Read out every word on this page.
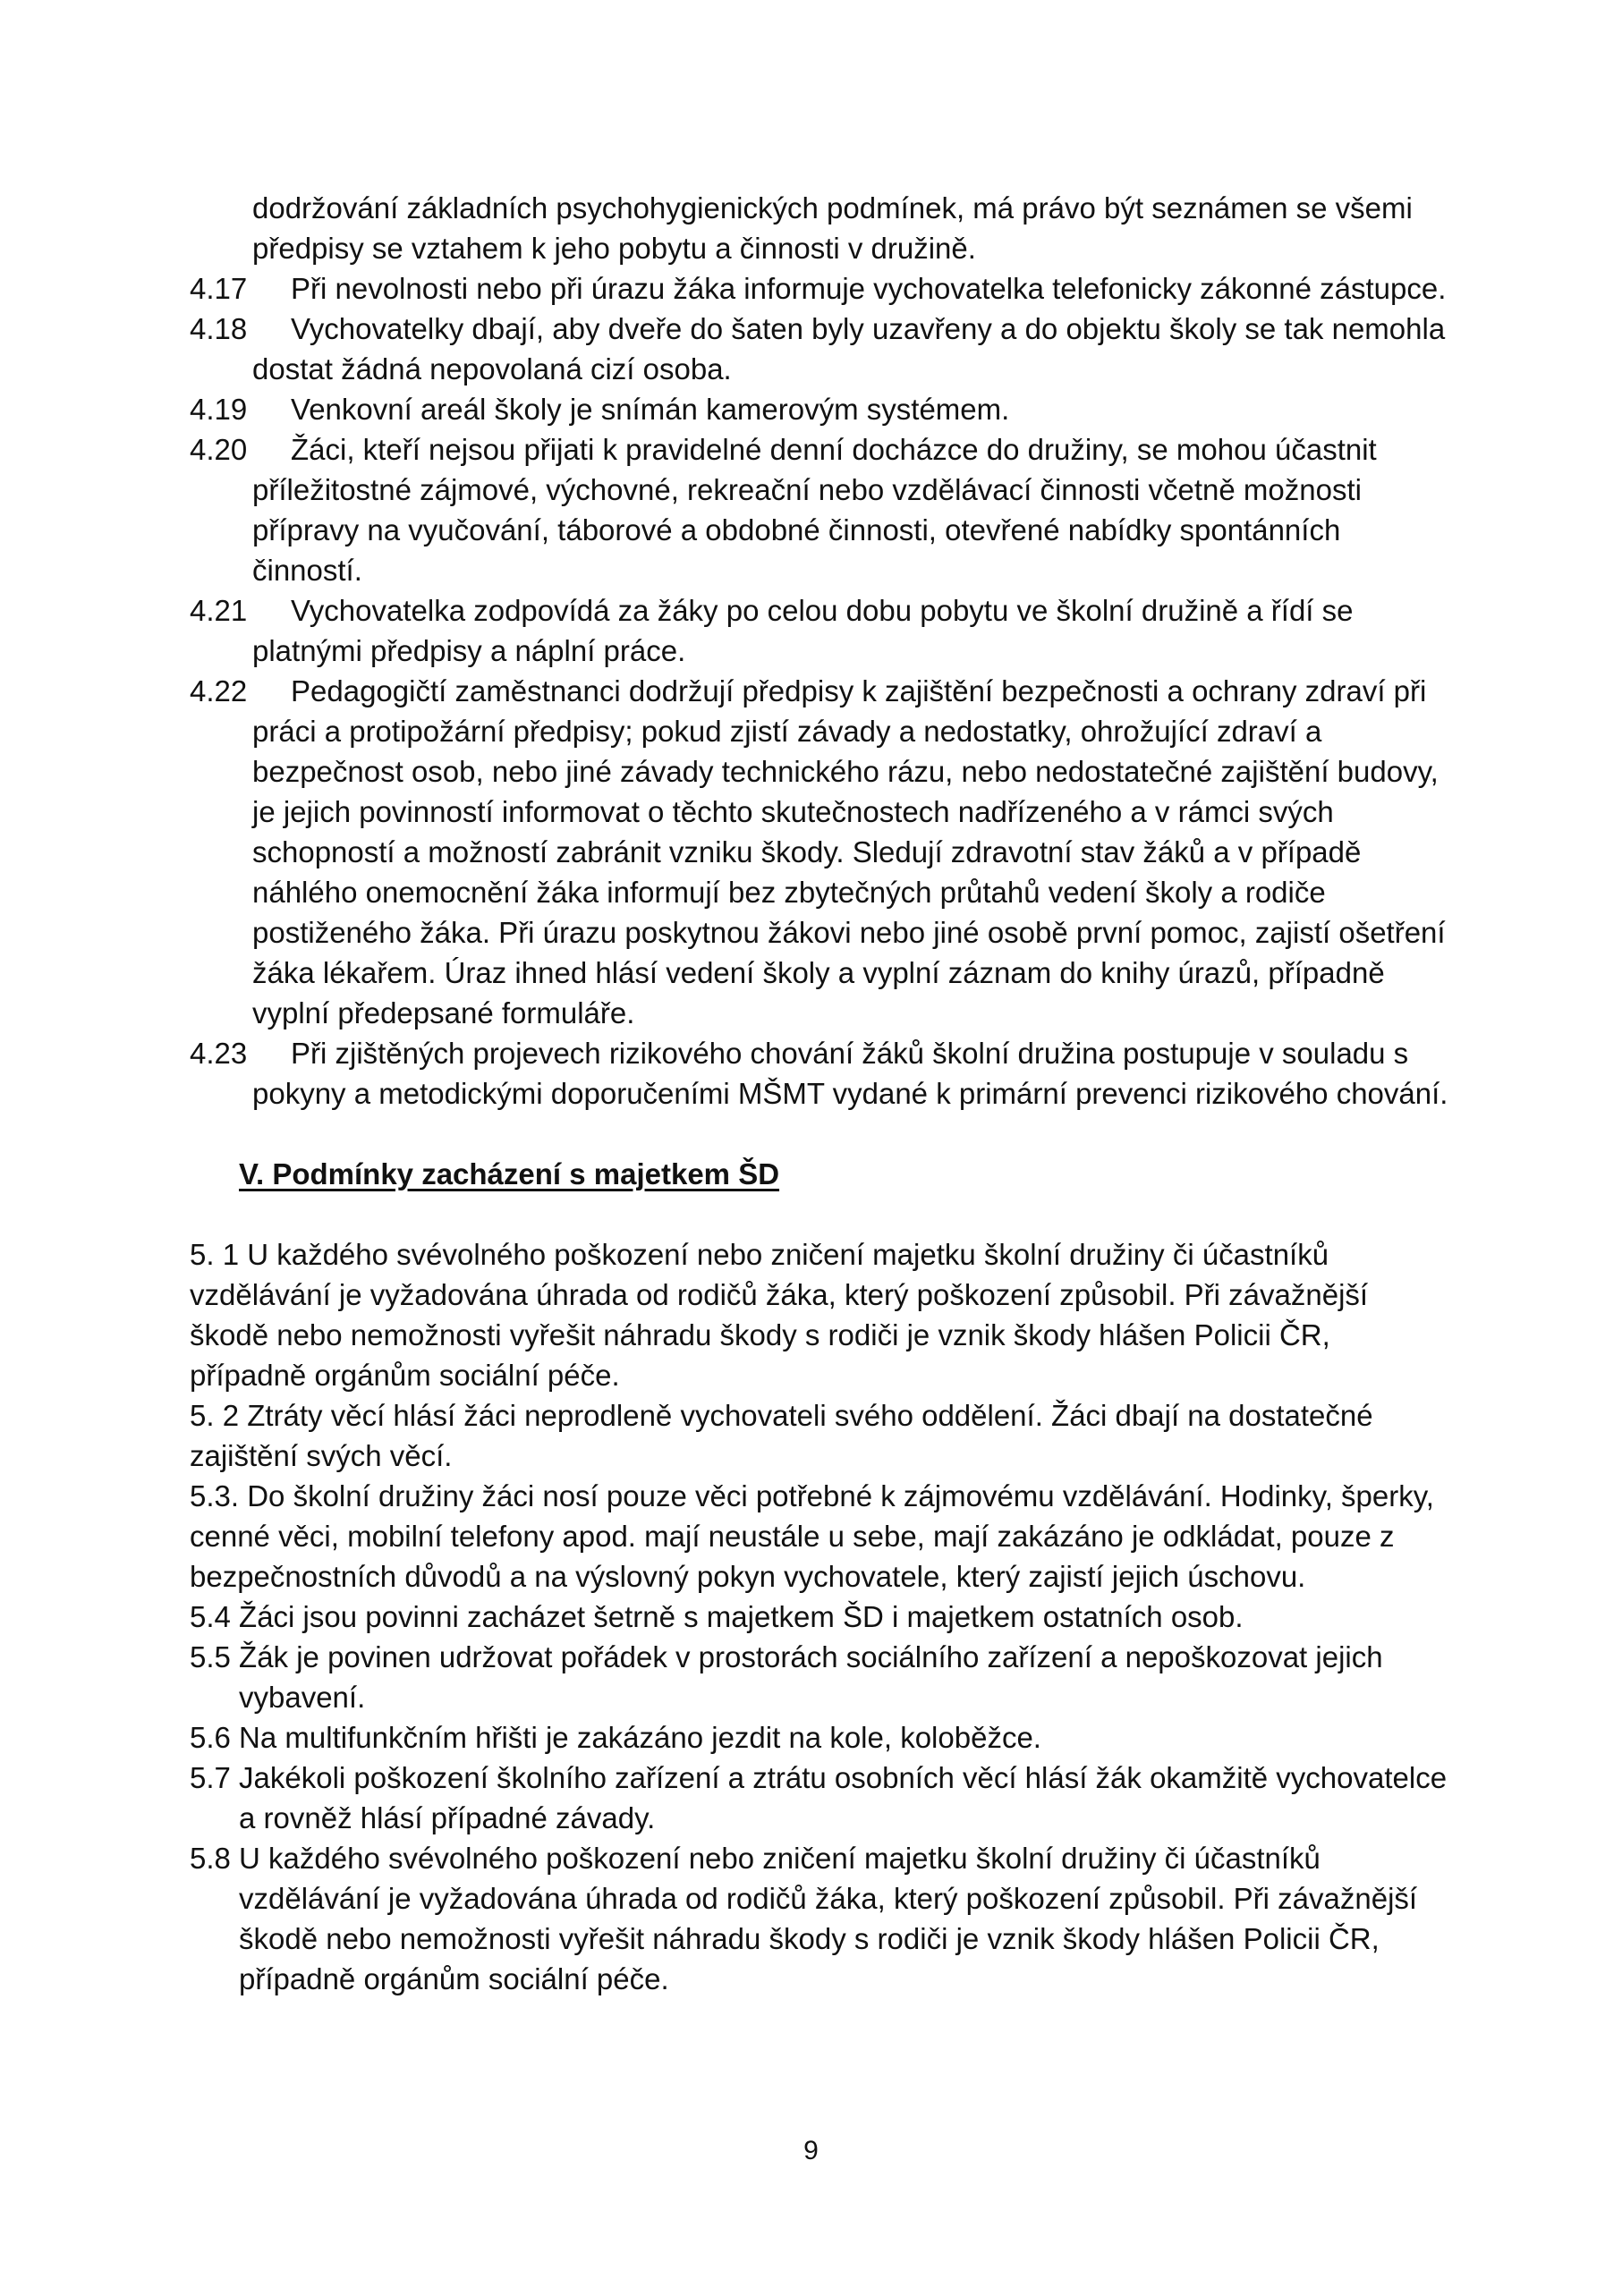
dodržování základních psychohygienických podmínek, má právo být seznámen se všemi předpisy se vztahem k jeho pobytu a činnosti v družině.
4.17	Při nevolnosti nebo při úrazu žáka informuje vychovatelka telefonicky zákonné zástupce.
4.18	Vychovatelky dbají, aby dveře do šaten byly uzavřeny a do objektu školy se tak nemohla dostat žádná nepovolaná cizí osoba.
4.19	Venkovní areál školy je snímán kamerovým systémem.
4.20	Žáci, kteří nejsou přijati k pravidelné denní docházce do družiny, se mohou účastnit příležitostné zájmové, výchovné, rekreační nebo vzdělávací činnosti včetně možnosti přípravy na vyučování, táborové a obdobné činnosti, otevřené nabídky spontánních činností.
4.21	Vychovatelka zodpovídá za žáky po celou dobu pobytu ve školní družině a řídí se platnými předpisy a náplní práce.
4.22	Pedagogičtí zaměstnanci dodržují předpisy k zajištění bezpečnosti a ochrany zdraví při práci a protipožární předpisy; pokud zjistí závady a nedostatky, ohrožující zdraví a bezpečnost osob, nebo jiné závady technického rázu, nebo nedostatečné zajištění budovy, je jejich povinností informovat o těchto skutečnostech nadřízeného a v rámci svých schopností a možností zabránit vzniku škody. Sledují zdravotní stav žáků a v případě náhlého onemocnění žáka informují bez zbytečných průtahů vedení školy a rodiče postiženého žáka. Při úrazu poskytnou žákovi nebo jiné osobě první pomoc, zajistí ošetření žáka lékařem. Úraz ihned hlásí vedení školy a vyplní záznam do knihy úrazů, případně vyplní předepsané formuláře.
4.23	Při zjištěných projevech rizikového chování žáků školní družina postupuje v souladu s pokyny a metodickými doporučeními MŠMT vydané k primární prevenci rizikového chování.
V. Podmínky zacházení s majetkem ŠD
5. 1 U každého svévolného poškození nebo zničení majetku školní družiny či účastníků vzdělávání je vyžadována úhrada od rodičů žáka, který poškození způsobil. Při závažnější škodě nebo nemožnosti vyřešit náhradu škody s rodiči je vznik škody hlášen Policii ČR, případně orgánům sociální péče.
5. 2 Ztráty věcí hlásí žáci neprodleně vychovateli svého oddělení. Žáci dbají na dostatečné zajištění svých věcí.
5.3. Do školní družiny žáci nosí pouze věci potřebné k zájmovému vzdělávání. Hodinky, šperky, cenné věci, mobilní telefony apod. mají neustále u sebe, mají zakázáno je odkládat, pouze z bezpečnostních důvodů a na výslovný pokyn vychovatele, který zajistí jejich úschovu.
5.4 Žáci jsou povinni zacházet šetrně s majetkem ŠD i majetkem ostatních osob.
5.5 Žák je povinen udržovat pořádek v prostorách sociálního zařízení a nepoškozovat jejich vybavení.
5.6 Na multifunkčním hřišti je zakázáno jezdit na kole, koloběžce.
5.7 Jakékoli poškození školního zařízení a ztrátu osobních věcí hlásí žák okamžitě vychovatelce a rovněž hlásí případné závady.
5.8 U každého svévolného poškození nebo zničení majetku školní družiny či účastníků vzdělávání je vyžadována úhrada od rodičů žáka, který poškození způsobil. Při závažnější škodě nebo nemožnosti vyřešit náhradu škody s rodiči je vznik škody hlášen Policii ČR, případně orgánům sociální péče.
9
